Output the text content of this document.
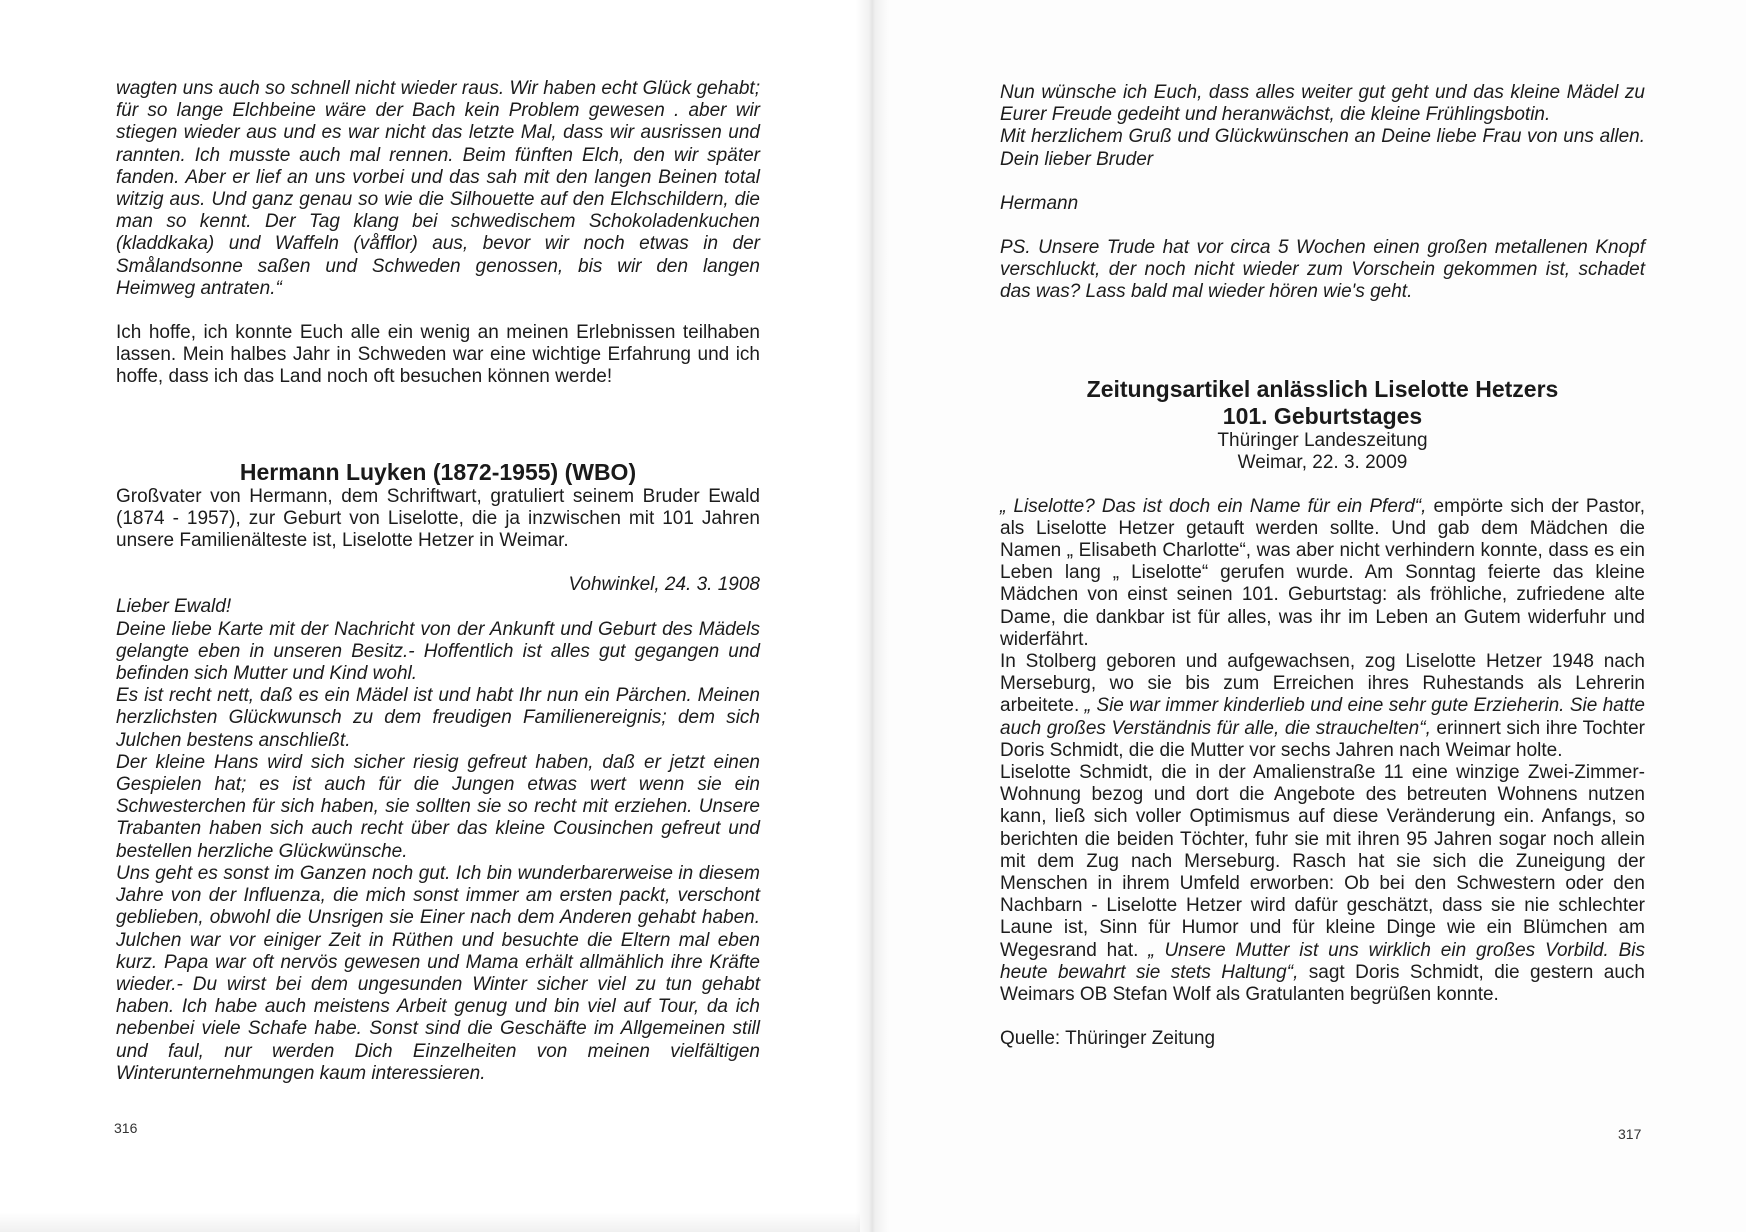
wagten uns auch so schnell nicht wieder raus. Wir haben echt Glück gehabt; für so lange Elchbeine wäre der Bach kein Problem gewesen . aber wir stiegen wieder aus und es war nicht das letzte Mal, dass wir ausrissen und rannten. Ich musste auch mal rennen. Beim fünften Elch, den wir später fanden. Aber er lief an uns vorbei und das sah mit den langen Beinen total witzig aus. Und ganz genau so wie die Silhouette auf den Elchschildern, die man so kennt. Der Tag klang bei schwedischem Schokoladenkuchen (kladdkaka) und Waffeln (våfflor) aus, bevor wir noch etwas in der Smålandsonne saßen und Schweden genossen, bis wir den langen Heimweg antraten.“

Ich hoffe, ich konnte Euch alle ein wenig an meinen Erlebnissen teilhaben lassen. Mein halbes Jahr in Schweden war eine wichtige Erfahrung und ich hoffe, dass ich das Land noch oft besuchen können werde!

Hermann Luyken (1872-1955) (WBO)

Großvater von Hermann, dem Schriftwart, gratuliert seinem Bruder Ewald (1874 - 1957), zur Geburt von Liselotte, die ja inzwischen mit 101 Jahren unsere Familienälteste ist, Liselotte Hetzer in Weimar.

Vohwinkel, 24. 3. 1908

Lieber Ewald!

Deine liebe Karte mit der Nachricht von der Ankunft und Geburt des Mädels gelangte eben in unseren Besitz.- Hoffentlich ist alles gut gegangen und befinden sich Mutter und Kind wohl.

Es ist recht nett, daß es ein Mädel ist und habt Ihr nun ein Pärchen. Meinen herzlichsten Glückwunsch zu dem freudigen Familienereignis; dem sich Julchen bestens anschließt.

Der kleine Hans wird sich sicher riesig gefreut haben, daß er jetzt einen Gespielen hat; es ist auch für die Jungen etwas wert wenn sie ein Schwesterchen für sich haben, sie sollten sie so recht mit erziehen. Unsere Trabanten haben sich auch recht über das kleine Cousinchen gefreut und bestellen herzliche Glückwünsche.

Uns geht es sonst im Ganzen noch gut. Ich bin wunderbarerweise in diesem Jahre von der Influenza, die mich sonst immer am ersten packt, verschont geblieben, obwohl die Unsrigen sie Einer nach dem Anderen gehabt haben. Julchen war vor einiger Zeit in Rüthen und besuchte die Eltern mal eben kurz. Papa war oft nervös gewesen und Mama erhält allmählich ihre Kräfte wieder.- Du wirst bei dem ungesunden Winter sicher viel zu tun gehabt haben. Ich habe auch meistens Arbeit genug und bin viel auf Tour, da ich nebenbei viele Schafe habe. Sonst sind die Geschäfte im Allgemeinen still und faul, nur werden Dich Einzelheiten von meinen vielfältigen Winterunternehmungen kaum interessieren.

316

Nun wünsche ich Euch, dass alles weiter gut geht und das kleine Mädel zu Eurer Freude gedeiht und heranwächst, die kleine Frühlingsbotin.

Mit herzlichem Gruß und Glückwünschen an Deine liebe Frau von uns allen. Dein lieber Bruder

Hermann

PS. Unsere Trude hat vor circa 5 Wochen einen großen metallenen Knopf verschluckt, der noch nicht wieder zum Vorschein gekommen ist, schadet das was? Lass bald mal wieder hören wie's geht.

Zeitungsartikel anlässlich Liselotte Hetzers
101. Geburtstages

Thüringer Landeszeitung

Weimar, 22. 3. 2009

„ Liselotte? Das ist doch ein Name für ein Pferd“, empörte sich der Pastor, als Liselotte Hetzer getauft werden sollte. Und gab dem Mädchen die Namen „ Elisabeth Charlotte“, was aber nicht verhindern konnte, dass es ein Leben lang „ Liselotte“ gerufen wurde. Am Sonntag feierte das kleine Mädchen von einst seinen 101. Geburtstag: als fröhliche, zufriedene alte Dame, die dankbar ist für alles, was ihr im Leben an Gutem widerfuhr und widerfährt.

In Stolberg geboren und aufgewachsen, zog Liselotte Hetzer 1948 nach Merseburg, wo sie bis zum Erreichen ihres Ruhestands als Lehrerin arbeitete. „ Sie war immer kinderlieb und eine sehr gute Erzieherin. Sie hatte auch großes Verständnis für alle, die strauchelten“, erinnert sich ihre Tochter Doris Schmidt, die die Mutter vor sechs Jahren nach Weimar holte.

Liselotte Schmidt, die in der Amalienstraße 11 eine winzige Zwei-Zimmer-Wohnung bezog und dort die Angebote des betreuten Wohnens nutzen kann, ließ sich voller Optimismus auf diese Veränderung ein. Anfangs, so berichten die beiden Töchter, fuhr sie mit ihren 95 Jahren sogar noch allein mit dem Zug nach Merseburg. Rasch hat sie sich die Zuneigung der Menschen in ihrem Umfeld erworben: Ob bei den Schwestern oder den Nachbarn - Liselotte Hetzer wird dafür geschätzt, dass sie nie schlechter Laune ist, Sinn für Humor und für kleine Dinge wie ein Blümchen am Wegesrand hat. „ Unsere Mutter ist uns wirklich ein großes Vorbild. Bis heute bewahrt sie stets Haltung“, sagt Doris Schmidt, die gestern auch Weimars OB Stefan Wolf als Gratulanten begrüßen konnte.

Quelle: Thüringer Zeitung

317
